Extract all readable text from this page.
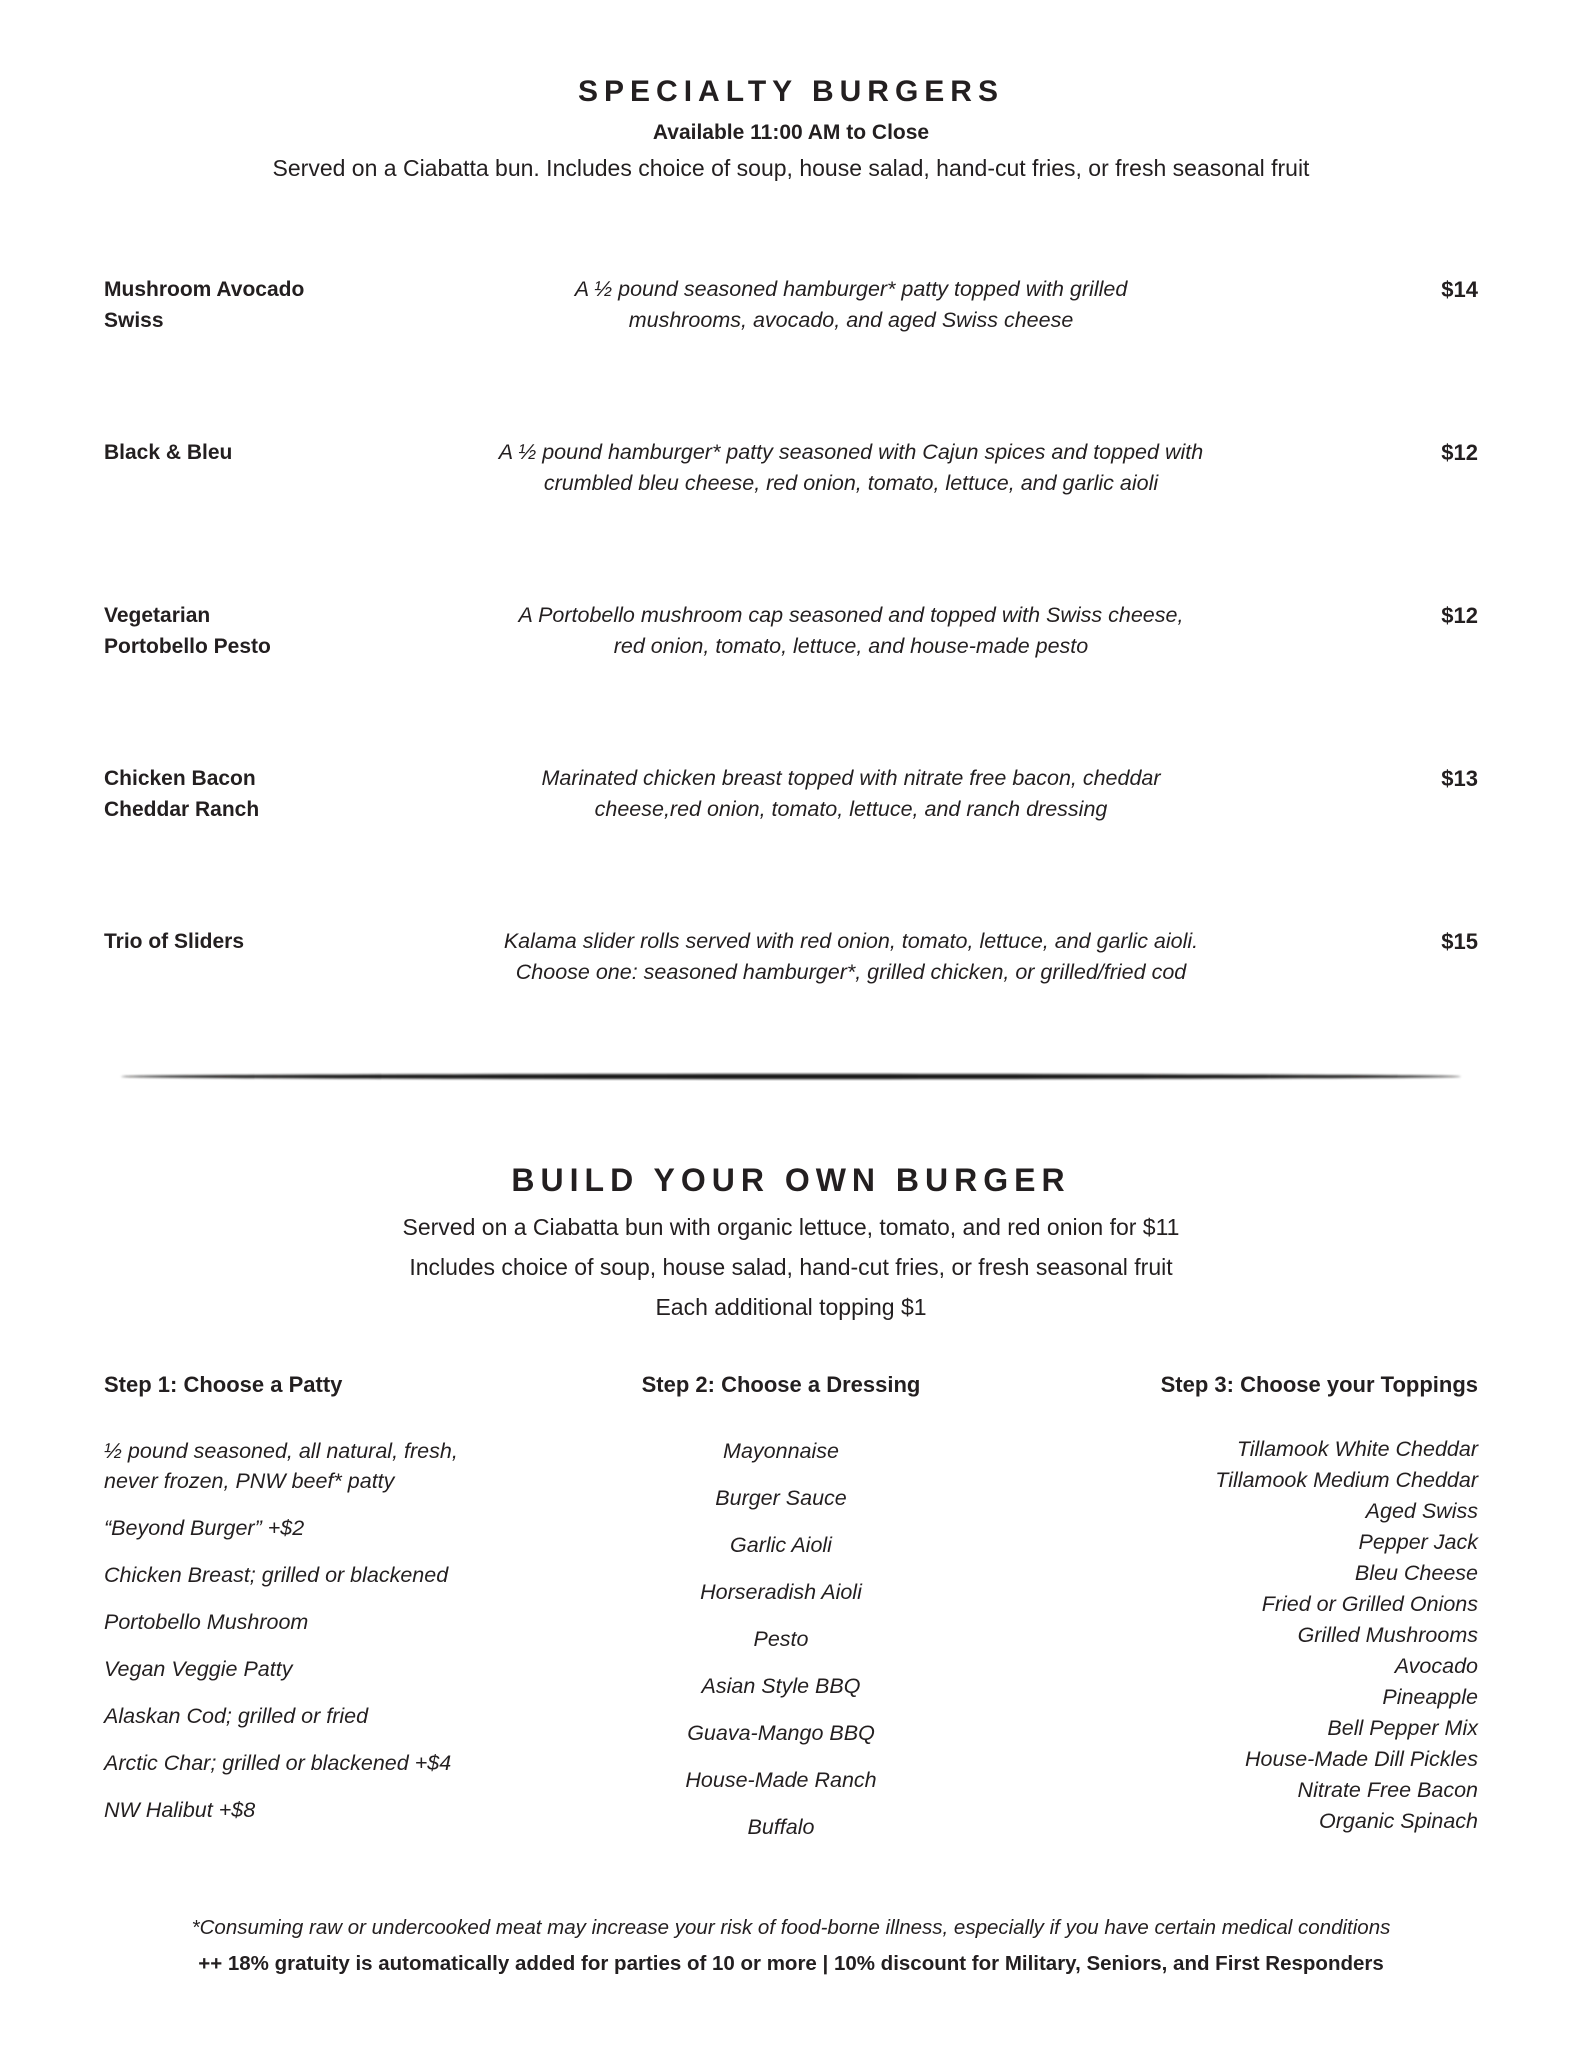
SPECIALTY BURGERS

Available 11:00 AM to Close

Served on a Ciabatta bun. Includes choice of soup, house salad, hand-cut fries, or fresh seasonal fruit

Mushroom Avocado
Swiss
A ½ pound seasoned hamburger* patty topped with grilled
mushrooms, avocado, and aged Swiss cheese
$14
Black & Bleu	A ½ pound hamburger* patty seasoned with Cajun spices and topped with
crumbled bleu cheese, red onion, tomato, lettuce, and garlic aioli
$12
Vegetarian
Portobello Pesto
A Portobello mushroom cap seasoned and topped with Swiss cheese,
red onion, tomato, lettuce, and house-made pesto
$12
Chicken Bacon
Cheddar Ranch
Marinated chicken breast topped with nitrate free bacon, cheddar
cheese,red onion, tomato, lettuce, and ranch dressing
$13
Trio of Sliders	Kalama slider rolls served with red onion, tomato, lettuce, and garlic aioli.
Choose one: seasoned hamburger*, grilled chicken, or grilled/fried cod
$15
BUILD YOUR OWN BURGER

Served on a Ciabatta bun with organic lettuce, tomato, and red onion for $11

Includes choice of soup, house salad, hand-cut fries, or fresh seasonal fruit

Each additional topping $1

Step 1: Choose a Patty
½ pound seasoned, all natural, fresh, never frozen, PNW beef* patty
“Beyond Burger” +$2
Chicken Breast; grilled or blackened
Portobello Mushroom
Vegan Veggie Patty
Alaskan Cod; grilled or fried
Arctic Char; grilled or blackened +$4
NW Halibut +$8
Step 2: Choose a Dressing
Mayonnaise
Burger Sauce
Garlic Aioli
Horseradish Aioli
Pesto
Asian Style BBQ
Guava-Mango BBQ
House-Made Ranch
Buffalo
Step 3: Choose your Toppings
Tillamook White Cheddar
Tillamook Medium Cheddar
Aged Swiss
Pepper Jack
Bleu Cheese
Fried or Grilled Onions
Grilled Mushrooms
Avocado
Pineapple
Bell Pepper Mix
House-Made Dill Pickles
Nitrate Free Bacon
Organic Spinach

*Consuming raw or undercooked meat may increase your risk of food-borne illness, especially if you have certain medical conditions

++ 18% gratuity is automatically added for parties of 10 or more | 10% discount for Military, Seniors, and First Responders
